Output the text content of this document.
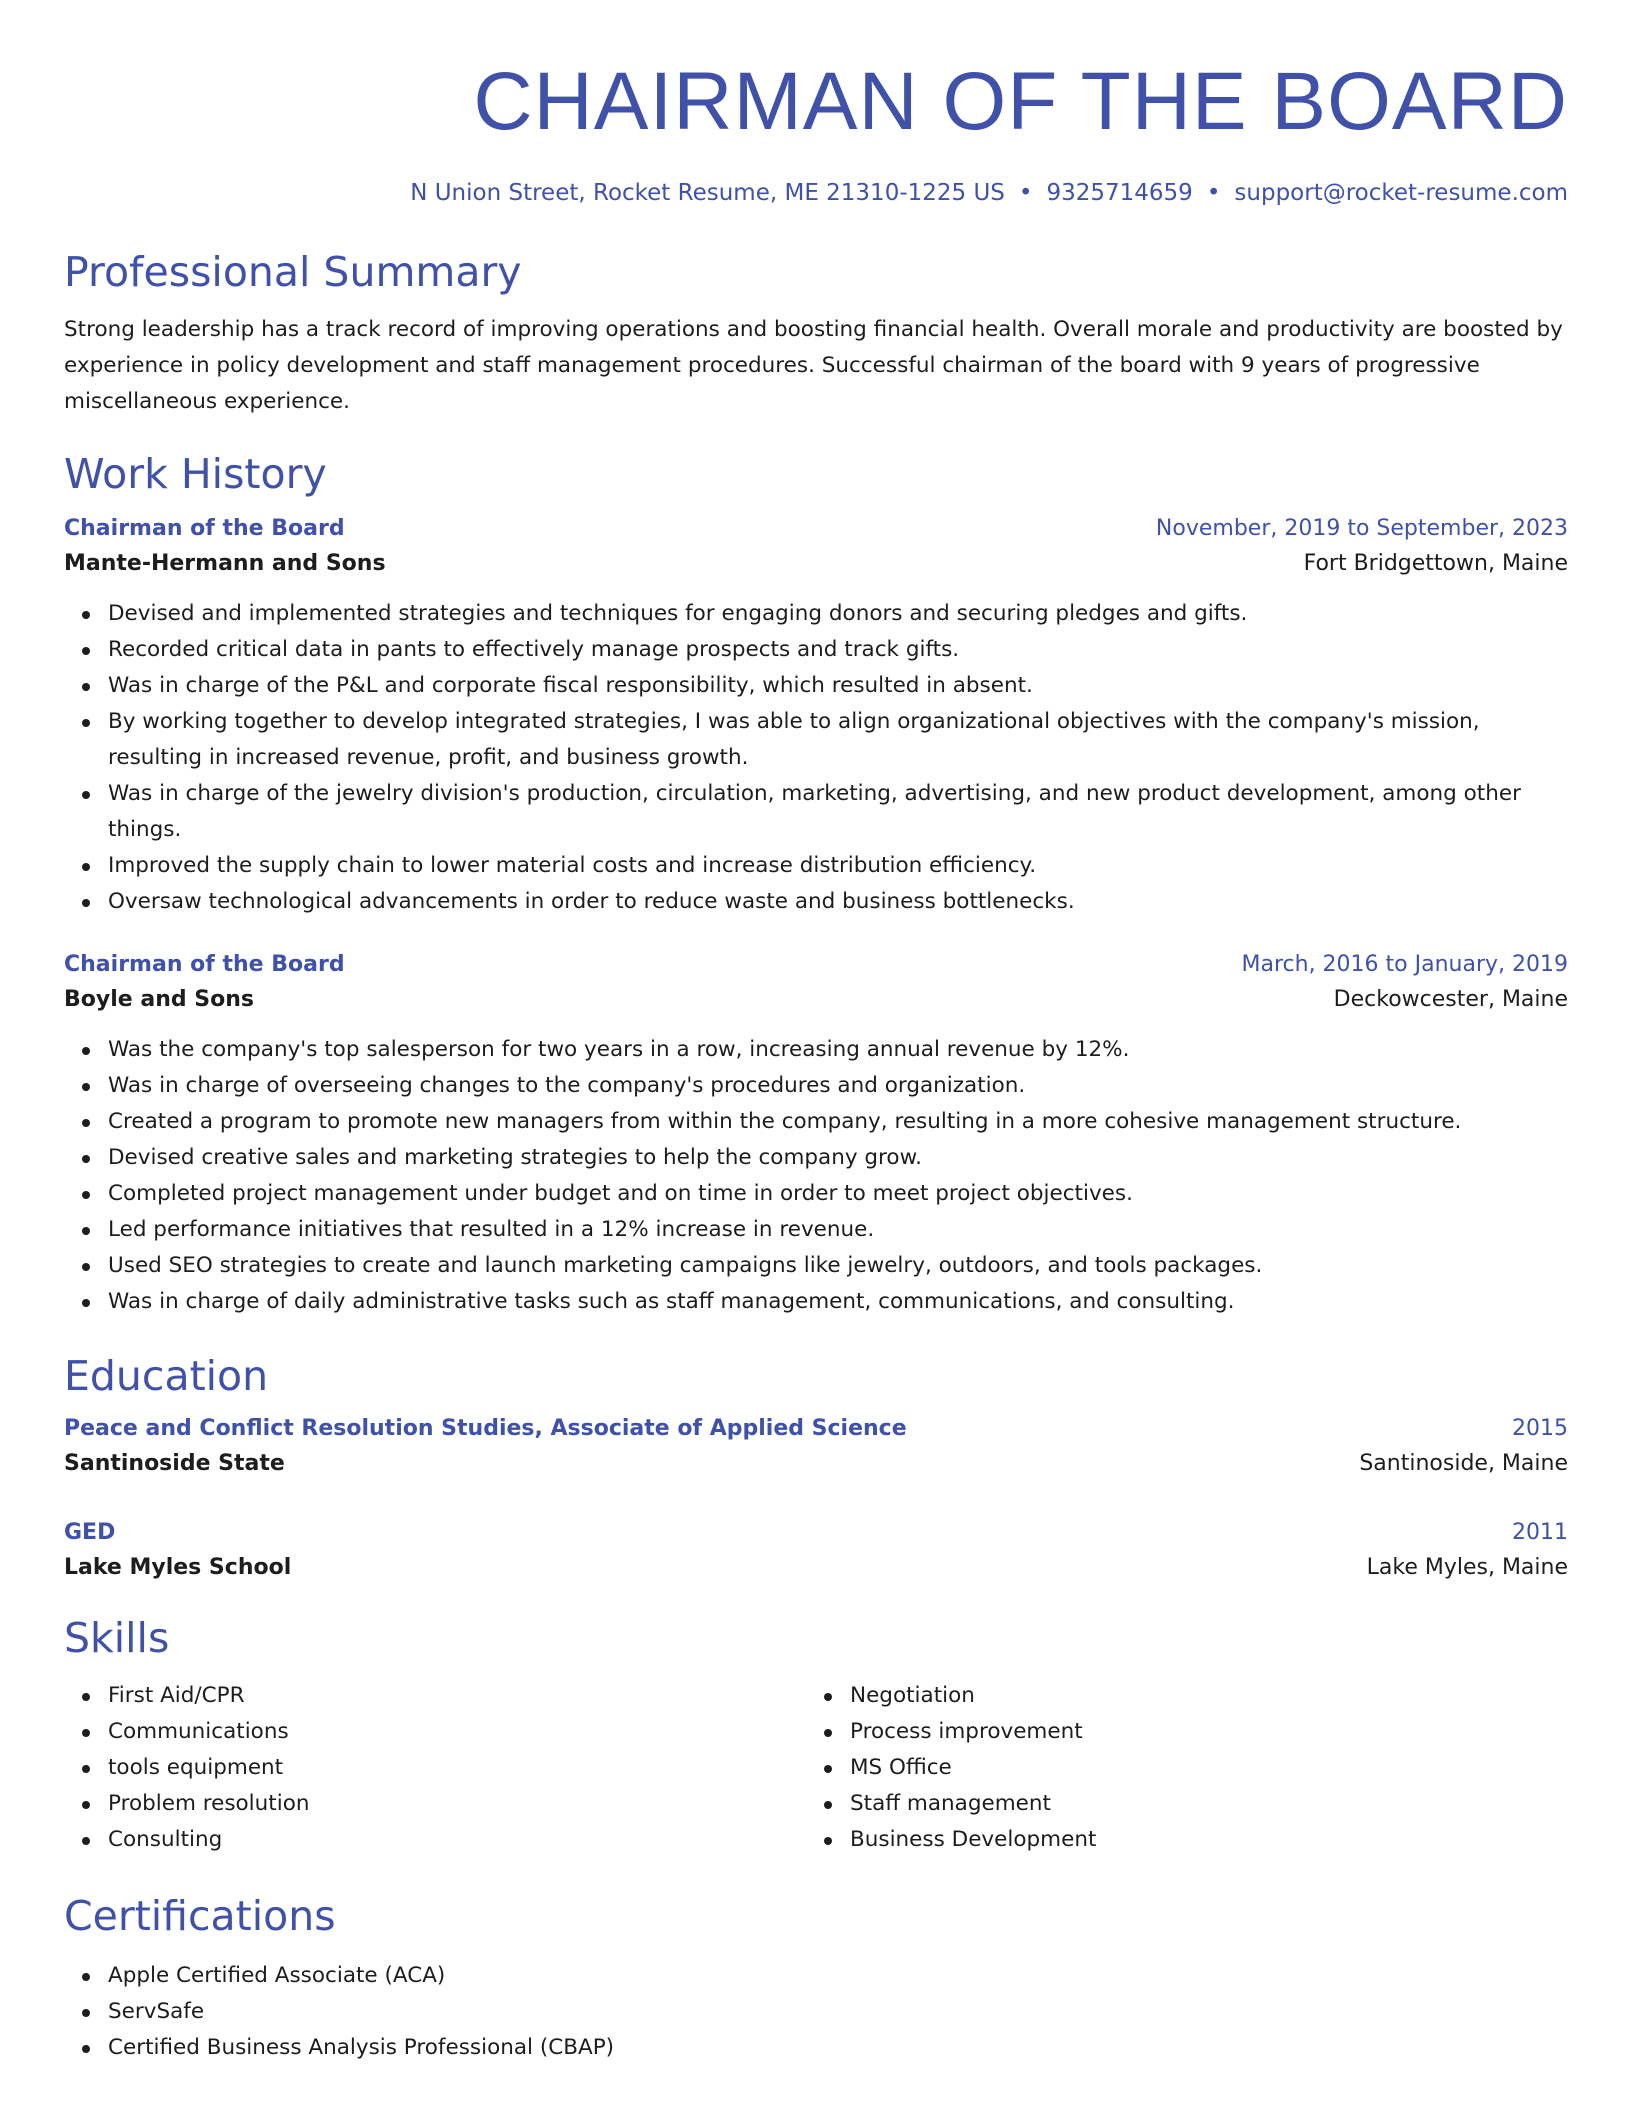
CHAIRMAN OF THE BOARD
N Union Street, Rocket Resume, ME 21310-1225 US • 9325714659 • support@rocket-resume.com
Professional Summary

Strong leadership has a track record of improving operations and boosting financial health. Overall morale and productivity are boosted by experience in policy development and staff management procedures. Successful chairman of the board with 9 years of progressive miscellaneous experience.

Work History
Chairman of the Board	November, 2019 to September, 2023
Mante-Hermann and Sons	Fort Bridgettown, Maine
Devised and implemented strategies and techniques for engaging donors and securing pledges and gifts.
Recorded critical data in pants to effectively manage prospects and track gifts.
Was in charge of the P&L and corporate fiscal responsibility, which resulted in absent.
By working together to develop integrated strategies, I was able to align organizational objectives with the company's mission, resulting in increased revenue, profit, and business growth.
Was in charge of the jewelry division's production, circulation, marketing, advertising, and new product development, among other things.
Improved the supply chain to lower material costs and increase distribution efficiency.
Oversaw technological advancements in order to reduce waste and business bottlenecks.
Chairman of the Board	March, 2016 to January, 2019
Boyle and Sons	Deckowcester, Maine
Was the company's top salesperson for two years in a row, increasing annual revenue by 12%.
Was in charge of overseeing changes to the company's procedures and organization.
Created a program to promote new managers from within the company, resulting in a more cohesive management structure.
Devised creative sales and marketing strategies to help the company grow.
Completed project management under budget and on time in order to meet project objectives.
Led performance initiatives that resulted in a 12% increase in revenue.
Used SEO strategies to create and launch marketing campaigns like jewelry, outdoors, and tools packages.
Was in charge of daily administrative tasks such as staff management, communications, and consulting.
Education
Peace and Conflict Resolution Studies, Associate of Applied Science	2015
Santinoside State	Santinoside, Maine
GED	2011
Lake Myles School	Lake Myles, Maine
Skills
First Aid/CPR
Communications
tools equipment
Problem resolution
Consulting
Negotiation
Process improvement
MS Office
Staff management
Business Development
Certifications
Apple Certified Associate (ACA)
ServSafe
Certified Business Analysis Professional (CBAP)
